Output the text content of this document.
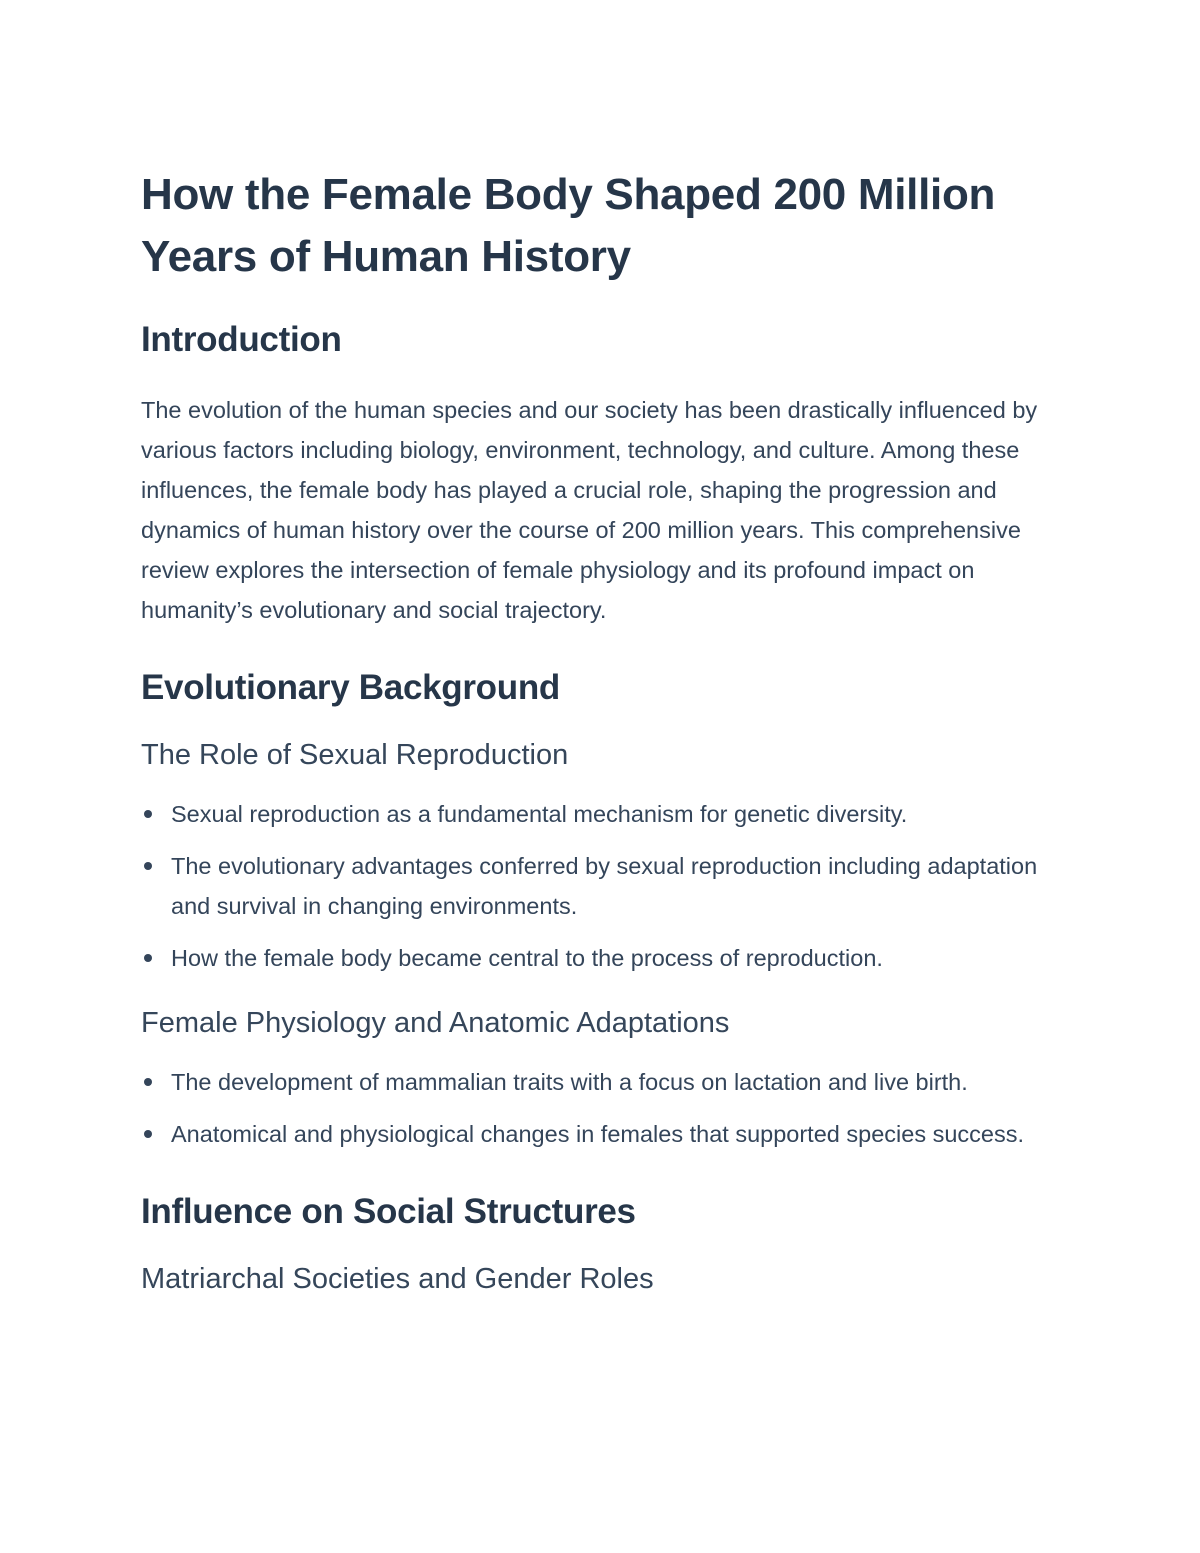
How the Female Body Shaped 200 Million Years of Human History
Introduction

The evolution of the human species and our society has been drastically influenced by various factors including biology, environment, technology, and culture. Among these influences, the female body has played a crucial role, shaping the progression and dynamics of human history over the course of 200 million years. This comprehensive review explores the intersection of female physiology and its profound impact on humanity’s evolutionary and social trajectory.

Evolutionary Background
The Role of Sexual Reproduction
Sexual reproduction as a fundamental mechanism for genetic diversity.
The evolutionary advantages conferred by sexual reproduction including adaptation and survival in changing environments.
How the female body became central to the process of reproduction.
Female Physiology and Anatomic Adaptations
The development of mammalian traits with a focus on lactation and live birth.
Anatomical and physiological changes in females that supported species success.
Influence on Social Structures
Matriarchal Societies and Gender Roles
